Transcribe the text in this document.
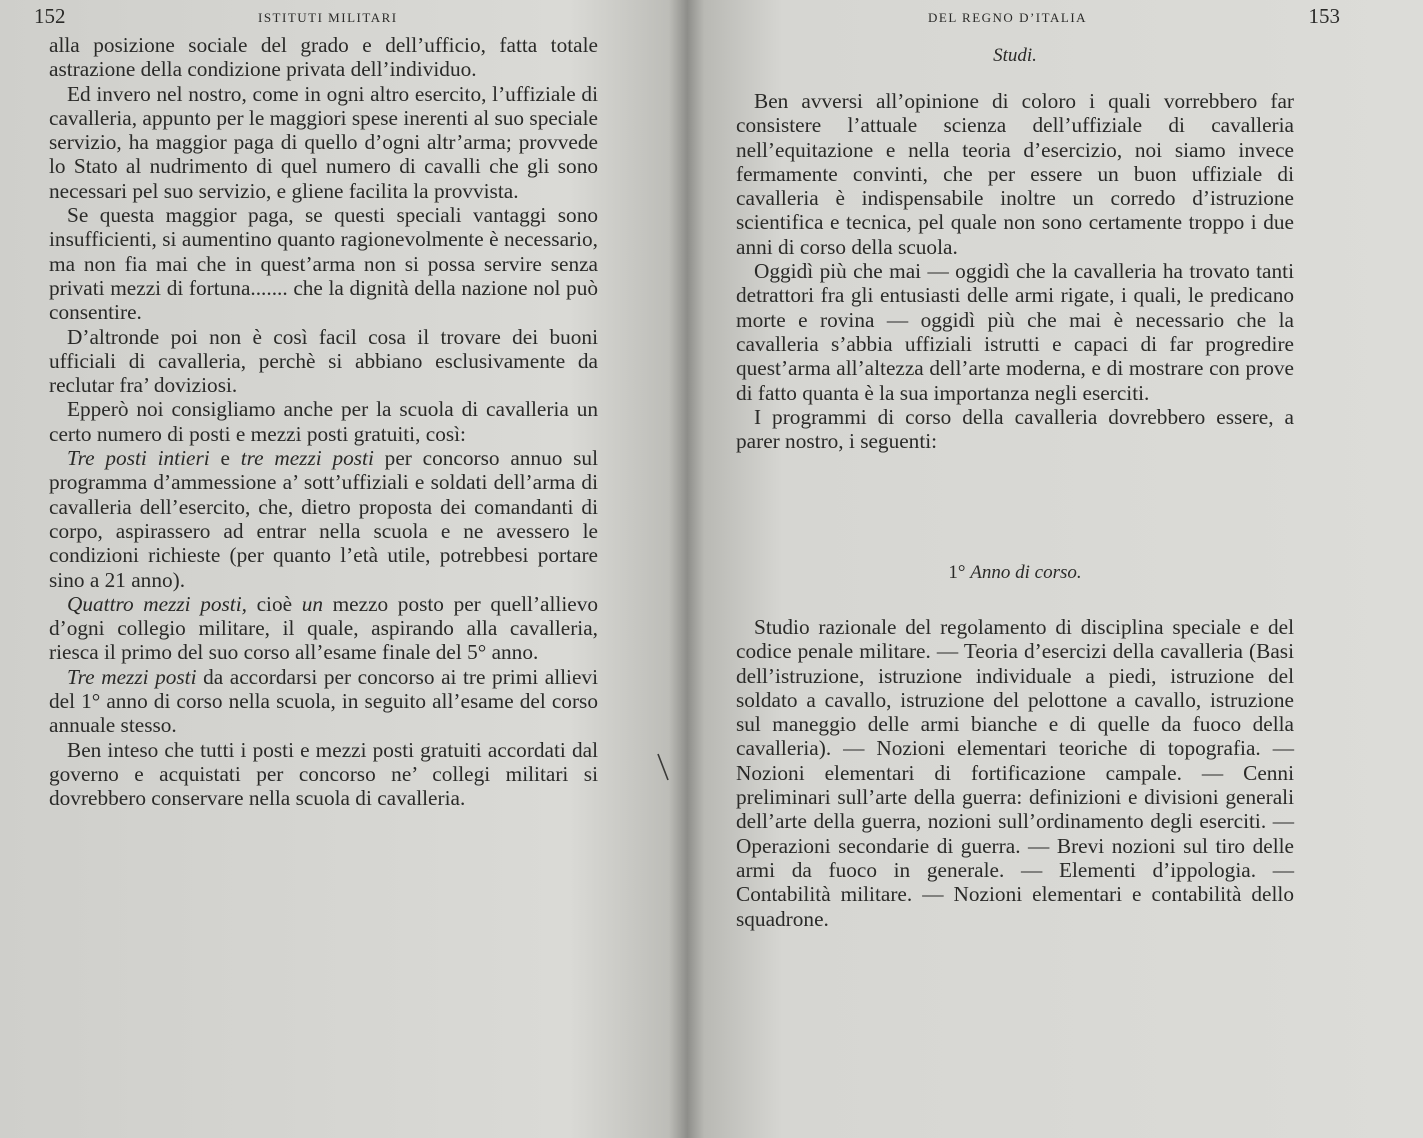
152	ISTITUTI MILITARI

alla posizione sociale del grado e dell’ufficio, fatta totale astrazione della condizione privata dell’individuo.

Ed invero nel nostro, come in ogni altro esercito, l’uffiziale di cavalleria, appunto per le maggiori spese inerenti al suo speciale servizio, ha maggior paga di quello d’ogni altr’arma; provvede lo Stato al nudrimento di quel numero di cavalli che gli sono necessari pel suo servizio, e gliene facilita la provvista.

Se questa maggior paga, se questi speciali vantaggi sono insufficienti, si aumentino quanto ragionevolmente è necessario, ma non fia mai che in quest’arma non si possa servire senza privati mezzi di fortuna....... che la dignità della nazione nol può consentire.

D’altronde poi non è così facil cosa il trovare dei buoni ufficiali di cavalleria, perchè si abbiano esclusivamente da reclutar fra’ doviziosi.

Epperò noi consigliamo anche per la scuola di cavalleria un certo numero di posti e mezzi posti gratuiti, così:

Tre posti intieri e tre mezzi posti per concorso annuo sul programma d’ammessione a’ sott’uffiziali e soldati dell’arma di cavalleria dell’esercito, che, dietro proposta dei comandanti di corpo, aspirassero ad entrar nella scuola e ne avessero le condizioni richieste (per quanto l’età utile, potrebbesi portare sino a 21 anno).

Quattro mezzi posti, cioè un mezzo posto per quell’allievo d’ogni collegio militare, il quale, aspirando alla cavalleria, riesca il primo del suo corso all’esame finale del 5° anno.

Tre mezzi posti da accordarsi per concorso ai tre primi allievi del 1° anno di corso nella scuola, in seguito all’esame del corso annuale stesso.

Ben inteso che tutti i posti e mezzi posti gratuiti accordati dal governo e acquistati per concorso ne’ collegi militari si dovrebbero conservare nella scuola di cavalleria.

DEL REGNO D’ITALIA	153
Studi.

Ben avversi all’opinione di coloro i quali vorrebbero far consistere l’attuale scienza dell’uffiziale di cavalleria nell’equitazione e nella teoria d’esercizio, noi siamo invece fermamente convinti, che per essere un buon uffiziale di cavalleria è indispensabile inoltre un corredo d’istruzione scientifica e tecnica, pel quale non sono certamente troppo i due anni di corso della scuola.

Oggidì più che mai — oggidì che la cavalleria ha trovato tanti detrattori fra gli entusiasti delle armi rigate, i quali, le predicano morte e rovina — oggidì più che mai è necessario che la cavalleria s’abbia uffiziali istrutti e capaci di far progredire quest’arma all’altezza dell’arte moderna, e di mostrare con prove di fatto quanta è la sua importanza negli eserciti.

I programmi di corso della cavalleria dovrebbero essere, a parer nostro, i seguenti:

1° Anno di corso.

Studio razionale del regolamento di disciplina speciale e del codice penale militare. — Teoria d’esercizi della cavalleria (Basi dell’istruzione, istruzione individuale a piedi, istruzione del soldato a cavallo, istruzione del pelottone a cavallo, istruzione sul maneggio delle armi bianche e di quelle da fuoco della cavalleria). — Nozioni elementari teoriche di topografia. — Nozioni elementari di fortificazione campale. — Cenni preliminari sull’arte della guerra: definizioni e divisioni generali dell’arte della guerra, nozioni sull’ordinamento degli eserciti. — Operazioni secondarie di guerra. — Brevi nozioni sul tiro delle armi da fuoco in generale. — Elementi d’ippologia. — Contabilità militare. — Nozioni elementari e contabilità dello squadrone.
